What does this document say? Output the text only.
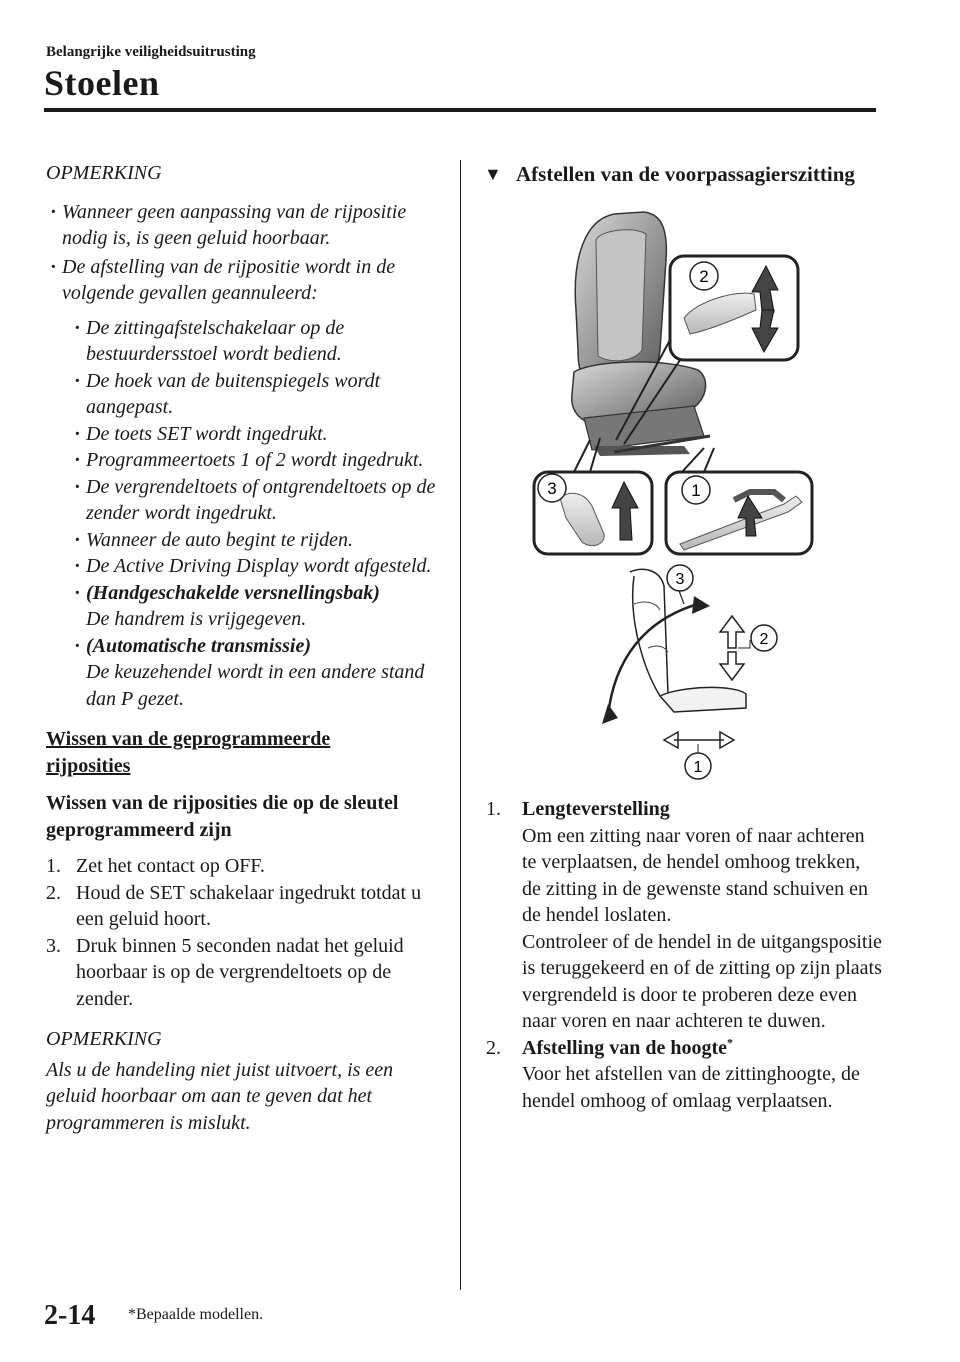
Belangrijke veiligheidsuitrusting
Stoelen
OPMERKING
· Wanneer geen aanpassing van de rijpositie nodig is, is geen geluid hoorbaar.
· De afstelling van de rijpositie wordt in de volgende gevallen geannuleerd:
· De zittingafstelschakelaar op de bestuurdersstoel wordt bediend.
· De hoek van de buitenspiegels wordt aangepast.
· De toets SET wordt ingedrukt.
· Programmeertoets 1 of 2 wordt ingedrukt.
· De vergrendeltoets of ontgrendeltoets op de zender wordt ingedrukt.
· Wanneer de auto begint te rijden.
· De Active Driving Display wordt afgesteld.
· (Handgeschakelde versnellingsbak)
De handrem is vrijgegeven.
· (Automatische transmissie)
De keuzehendel wordt in een andere stand dan P gezet.
Wissen van de geprogrammeerde rijposities
Wissen van de rijposities die op de sleutel geprogrammeerd zijn
1. Zet het contact op OFF.
2. Houd de SET schakelaar ingedrukt totdat u een geluid hoort.
3. Druk binnen 5 seconden nadat het geluid hoorbaar is op de vergrendeltoets op de zender.
OPMERKING
Als u de handeling niet juist uitvoert, is een geluid hoorbaar om aan te geven dat het programmeren is mislukt.
▼ Afstellen van de voorpassagierszitting
2
3	1
3
2
1
1. Lengteverstelling

Om een zitting naar voren of naar achteren te verplaatsen, de hendel omhoog trekken, de zitting in de gewenste stand schuiven en de hendel loslaten.

Controleer of de hendel in de uitgangspositie is teruggekeerd en of de zitting op zijn plaats vergrendeld is door te proberen deze even naar voren en naar achteren te duwen.

2. Afstelling van de hoogte*

Voor het afstellen van de zittinghoogte, de hendel omhoog of omlaag verplaatsen.

2-14 *Bepaalde modellen.
